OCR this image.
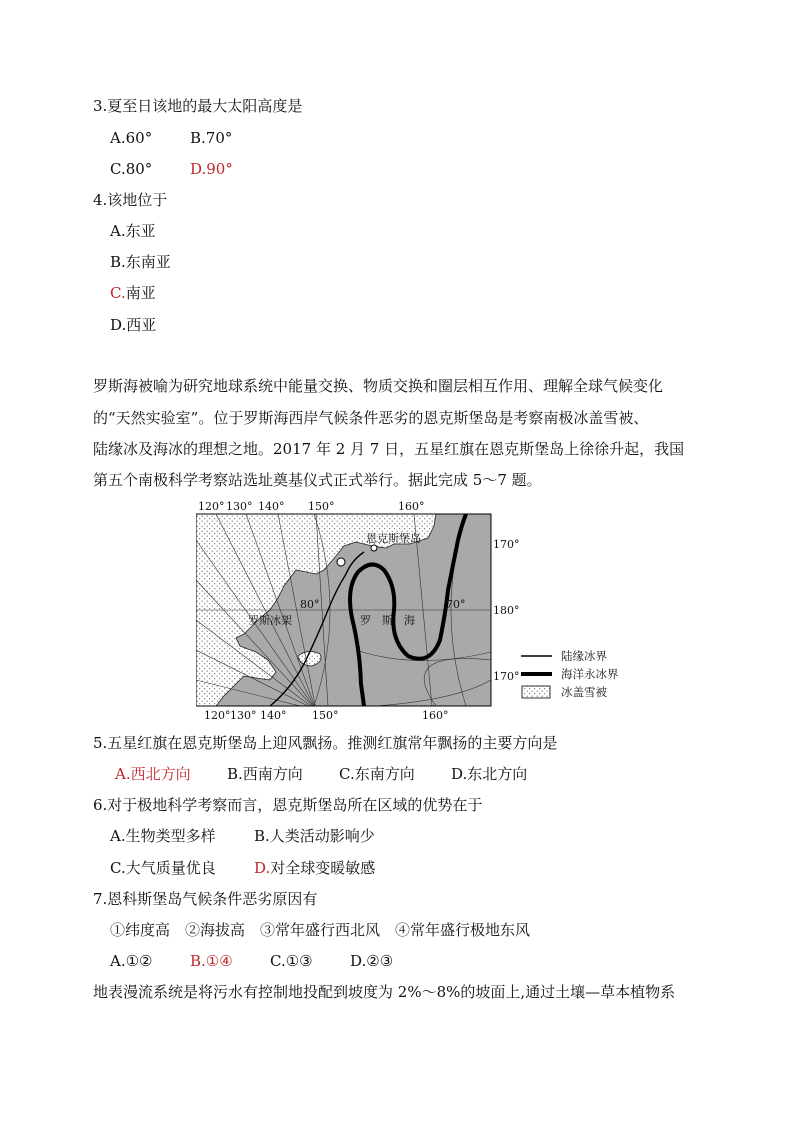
3.夏至日该地的最大太阳高度是
A.60°	B.70°
C.80°	D.90°
4.该地位于
A.东亚
B.东南亚
C.南亚
D.西亚
罗斯海被喻为研究地球系统中能量交换、物质交换和圈层相互作用、理解全球气候变化
的“天然实验室”。位于罗斯海西岸气候条件恶劣的恩克斯堡岛是考察南极冰盖雪被、
陆缘冰及海冰的理想之地。2017 年 2 月 7 日，五星红旗在恩克斯堡岛上徐徐升起，我国
第五个南极科学考察站选址奠基仪式正式举行。据此完成 5～7 题。
120° 130° 140° 150°	160°
120° 130° 140° 150°	160°
170°
180°
170°
80°	70°
恩克斯堡岛
罗斯冰架	罗　斯　海
陆缘冰界
海洋永冰界
冰盖雪被
5.五星红旗在恩克斯堡岛上迎风飘扬。推测红旗常年飘扬的主要方向是
A.西北方向 B.西南方向 C.东南方向 D.东北方向
6.对于极地科学考察而言，恩克斯堡岛所在区域的优势在于
A.生物类型多样	B.人类活动影响少
C.大气质量优良	D.对全球变暖敏感
7.恩科斯堡岛气候条件恶劣原因有
①纬度高　②海拔高　③常年盛行西北风　④常年盛行极地东风
A.①②	B.①④ C.①③ D.②③
地表漫流系统是将污水有控制地投配到坡度为 2%～8%的坡面上,通过土壤—草本植物系
